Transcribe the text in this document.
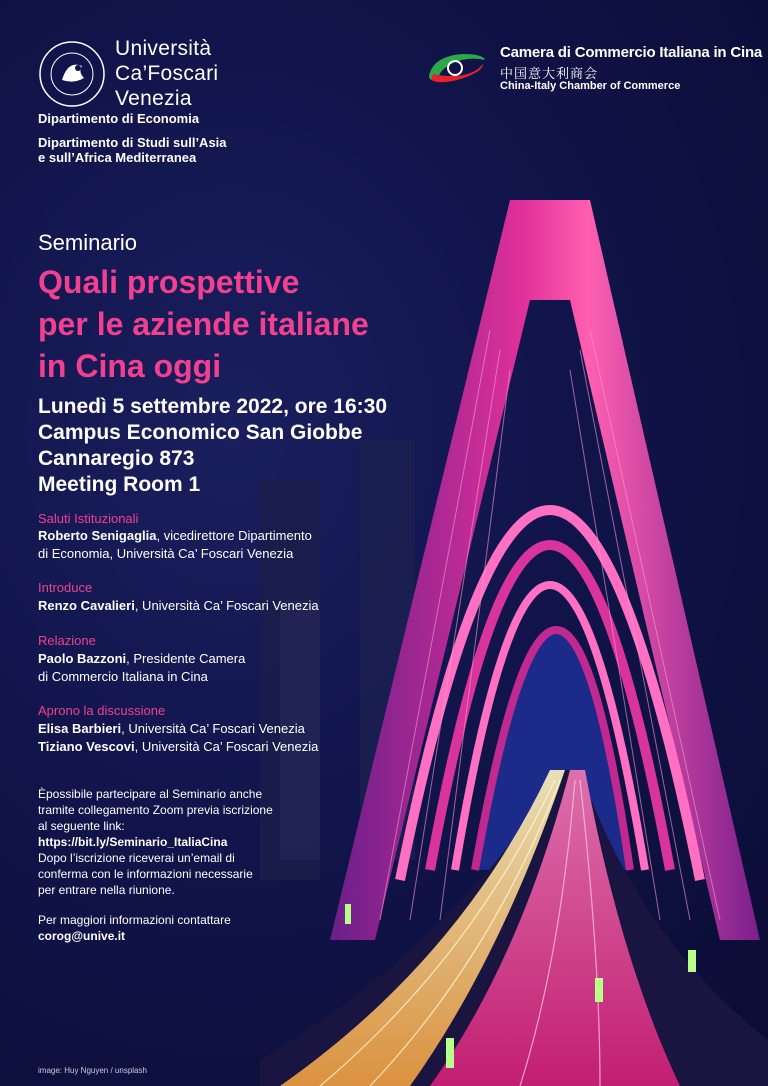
Università
Ca’Foscari
Venezia
Dipartimento di Economia
Dipartimento di Studi sull’Asia
e sull’Africa Mediterranea
Camera di Commercio Italiana in Cina
中国意大利商会
China-Italy Chamber of Commerce
Seminario
Quali prospettive
per le aziende italiane
in Cina oggi
Lunedì 5 settembre 2022, ore 16:30
Campus Economico San Giobbe
Cannaregio 873
Meeting Room 1
Saluti Istituzionali
Roberto Senigaglia, vicedirettore Dipartimento
di Economia, Università Ca’ Foscari Venezia
Introduce
Renzo Cavalieri, Università Ca’ Foscari Venezia
Relazione
Paolo Bazzoni, Presidente Camera
di Commercio Italiana in Cina
Aprono la discussione
Elisa Barbieri, Università Ca’ Foscari Venezia
Tiziano Vescovi, Università Ca’ Foscari Venezia
Èpossibile partecipare al Seminario anche
tramite collegamento Zoom previa iscrizione
al seguente link:
https://bit.ly/Seminario_ItaliaCina
Dopo l’iscrizione riceverai un’email di
conferma con le informazioni necessarie
per entrare nella riunione.
Per maggiori informazioni contattare
corog@unive.it
image: Huy Nguyen / unsplash
